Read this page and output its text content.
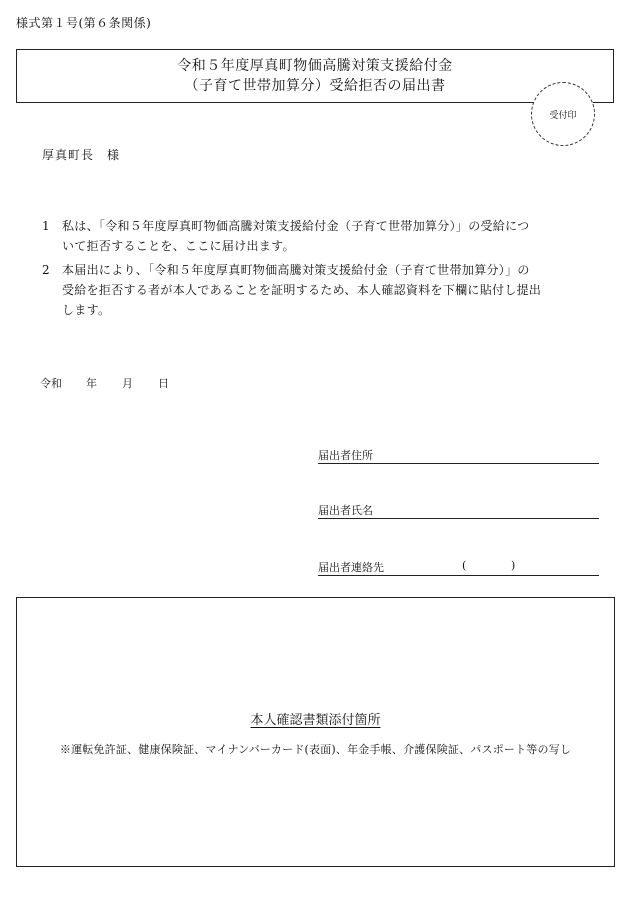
様式第１号(第６条関係)
令和５年度厚真町物価高騰対策支援給付金
（子育て世帯加算分）受給拒否の届出書
受付印
厚真町長　様
1 私は、「令和５年度厚真町物価高騰対策支援給付金（子育て世帯加算分）」の受給につ
いて拒否することを、ここに届け出ます。
2 本届出により、「令和５年度厚真町物価高騰対策支援給付金（子育て世帯加算分）」の
受給を拒否する者が本人であることを証明するため、本人確認資料を下欄に貼付し提出
します。
令和 年 月 日
届出者住所
届出者氏名
届出者連絡先	(	)
本人確認書類添付箇所
※運転免許証、健康保険証、マイナンバーカード(表面)、年金手帳、介護保険証、パスポート等の写し
